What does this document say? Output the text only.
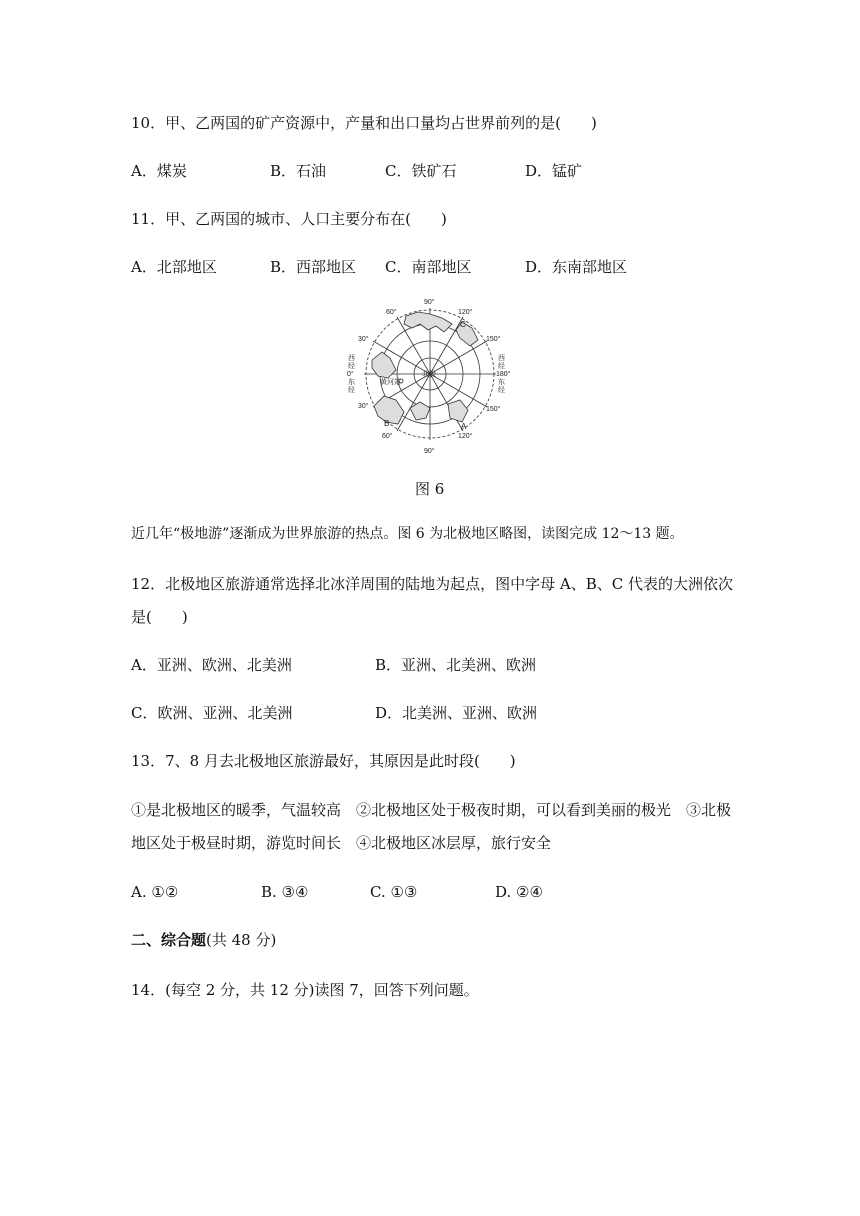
10．甲、乙两国的矿产资源中，产量和出口量均占世界前列的是(　　)
A．煤炭	B．石油	C．铁矿石	D．锰矿
11．甲、乙两国的城市、人口主要分布在(　　)
A．北部地区	B．西部地区 C．南部地区	D．东南部地区
90°
60°	120°
150°
30°
西
经
0°
东
经
西
经
180°
东
经
30°
60°
150°
120°
90°
北极
黄河站
A
B
C
图 6
近几年“极地游”逐渐成为世界旅游的热点。图 6 为北极地区略图，读图完成 12～13 题。
12．北极地区旅游通常选择北冰洋周围的陆地为起点，图中字母 A、B、C 代表的大洲依次
是(　　)
A．亚洲、欧洲、北美洲	B．亚洲、北美洲、欧洲
C．欧洲、亚洲、北美洲	D．北美洲、亚洲、欧洲
13．7、8 月去北极地区旅游最好，其原因是此时段(　　)
①是北极地区的暖季，气温较高　②北极地区处于极夜时期，可以看到美丽的极光　③北极
地区处于极昼时期，游览时间长　④北极地区冰层厚，旅行安全
A. ①②	B. ③④	C. ①③	D. ②④
二、综合题(共 48 分)
14．(每空 2 分，共 12 分)读图 7，回答下列问题。
